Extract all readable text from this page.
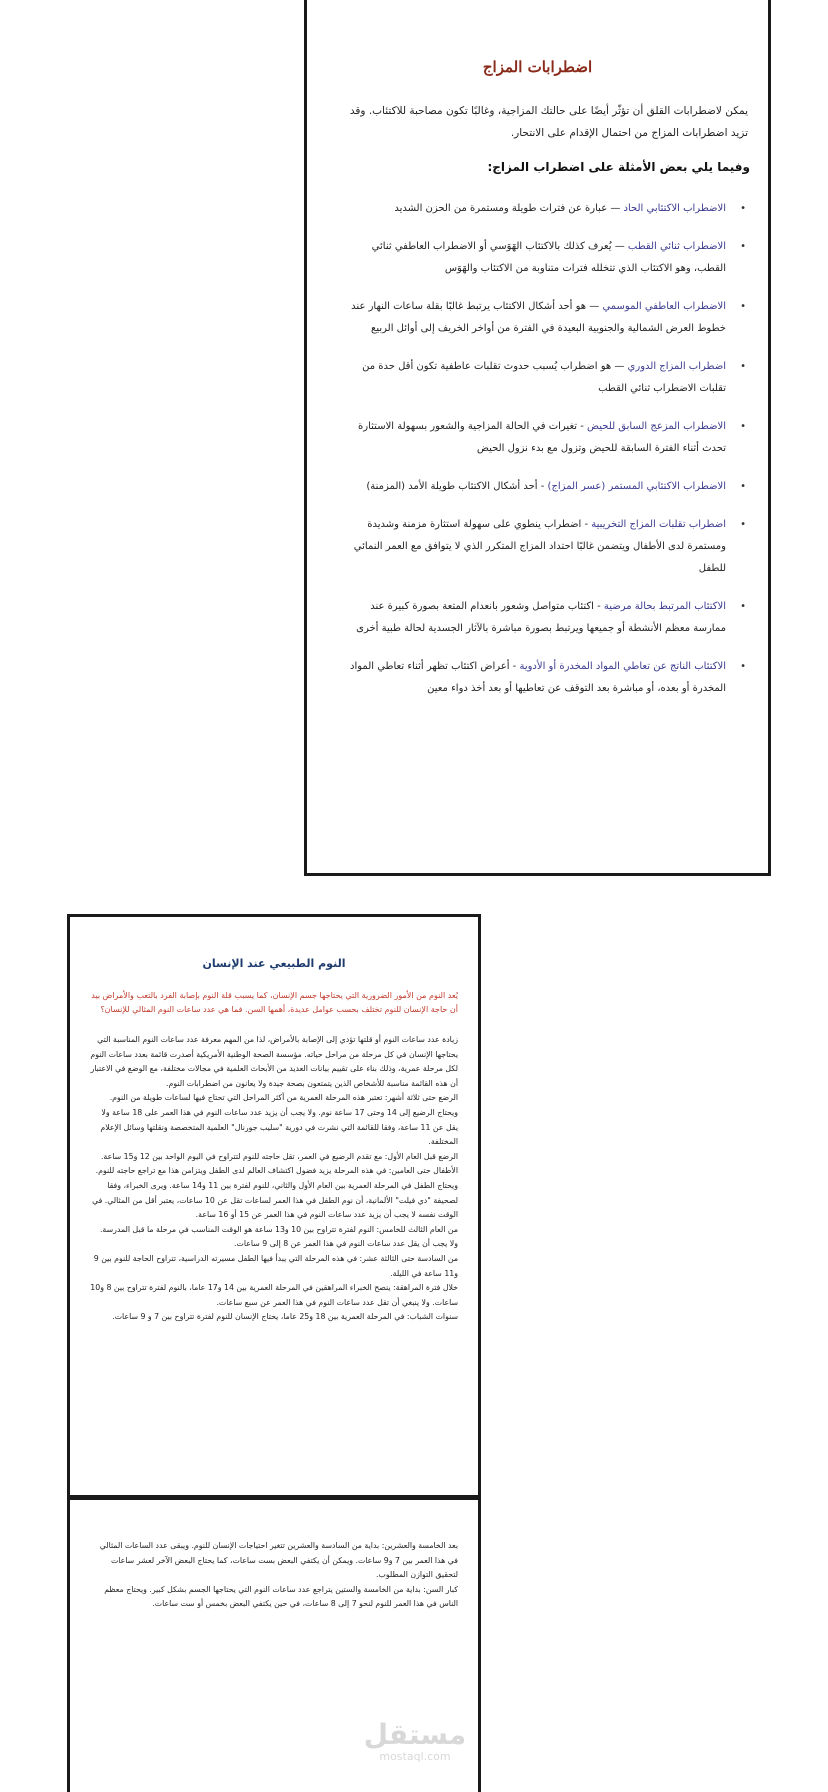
اضطرابات المزاج

يمكن لاضطرابات القلق أن تؤثّر أيضًا على حالتك المزاجية، وغالبًا تكون مصاحبة للاكتئاب. وقد تزيد اضطرابات المزاج من احتمال الإقدام على الانتحار.

وفيما يلي بعض الأمثلة على اضطراب المزاج:

• الاضطراب الاكتئابي الحاد — عبارة عن فترات طويلة ومستمرة من الحزن الشديد
• الاضطراب ثنائي القطب — يُعرف كذلك بالاكتئاب الهَوَسي أو الاضطراب العاطفي ثنائي القطب، وهو الاكتئاب الذي تتخلله فترات متناوبة من الاكتئاب والهَوَس
• الاضطراب العاطفي الموسمي — هو أحد أشكال الاكتئاب يرتبط غالبًا بقلة ساعات النهار عند خطوط العرض الشمالية والجنوبية البعيدة في الفترة من أواخر الخريف إلى أوائل الربيع
• اضطراب المزاج الدوري — هو اضطراب يُسبب حدوث تقلبات عاطفية تكون أقل حدة من تقلبات الاضطراب ثنائي القطب
• الاضطراب المزعج السابق للحيض - تغيرات في الحالة المزاجية والشعور بسهولة الاستثارة تحدث أثناء الفترة السابقة للحيض وتزول مع بدء نزول الحيض
• الاضطراب الاكتئابي المستمر (عسر المزاج) - أحد أشكال الاكتئاب طويلة الأمد (المزمنة)
• اضطراب تقلبات المزاج التخريبية - اضطراب ينطوي على سهولة استثارة مزمنة وشديدة ومستمرة لدى الأطفال ويتضمن غالبًا احتداد المزاج المتكرر الذي لا يتوافق مع العمر النمائي للطفل
• الاكتئاب المرتبط بحالة مرضية - اكتئاب متواصل وشعور بانعدام المتعة بصورة كبيرة عند ممارسة معظم الأنشطة أو جميعها ويرتبط بصورة مباشرة بالآثار الجسدية لحالة طبية أخرى
• الاكتئاب الناتج عن تعاطي المواد المخدرة أو الأدوية - أعراض اكتئاب تظهر أثناء تعاطي المواد المخدرة أو بعده، أو مباشرة بعد التوقف عن تعاطيها أو بعد أخذ دواء معين
النوم الطبيعي عند الإنسان

يُعد النوم من الأمور الضرورية التي يحتاجها جسم الإنسان، كما يسبب قلة النوم بإصابة الفرد بالتعب والأمراض بيد أن حاجة الإنسان للنوم تختلف بحسب عوامل عديدة، أهمها السن. فما هي عدد ساعات النوم المثالي للإنسان؟

زيادة عدد ساعات النوم أو قلتها تؤدي إلى الإصابة بالأمراض، لذا من المهم معرفة عدد ساعات النوم المناسبة التي يحتاجها الإنسان في كل مرحلة من مراحل حياته. مؤسسة الصحة الوطنية الأمريكية أصدرت قائمة بعدد ساعات النوم لكل مرحلة عمرية، وذلك بناء على تقييم بيانات العديد من الأبحاث العلمية في مجالات مختلفة، مع الوضع في الاعتبار أن هذه القائمة مناسبة للأشخاص الذين يتمتعون بصحة جيدة ولا يعانون من اضطرابات النوم.

الرضع حتى ثلاثة أشهر: تعتبر هذه المرحلة العمرية من أكثر المراحل التي تحتاج فيها لساعات طويلة من النوم. ويحتاج الرضيع إلى 14 وحتى 17 ساعة نوم. ولا يجب أن يزيد عدد ساعات النوم في هذا العمر على 18 ساعة ولا يقل عن 11 ساعة، وفقا للقائمة التي نشرت في دورية "سليب جورنال" العلمية المتخصصة ونقلتها وسائل الإعلام المختلفة.

الرضع قبل العام الأول: مع تقدم الرضيع في العمر، تقل حاجته للنوم لتتراوح في اليوم الواحد بين 12 و15 ساعة.

الأطفال حتى العامين: في هذه المرحلة يزيد فضول اكتشاف العالم لدى الطفل ويتزامن هذا مع تراجع حاجته للنوم. ويحتاج الطفل في المرحلة العمرية بين العام الأول والثاني، للنوم لفترة بين 11 و14 ساعة. ويرى الخبراء، وفقا لصحيفة "دي فيلت" الألمانية، أن نوم الطفل في هذا العمر لساعات تقل عن 10 ساعات، يعتبر أقل من المثالي. في الوقت نفسه لا يجب أن يزيد عدد ساعات النوم في هذا العمر عن 15 أو 16 ساعة.

من العام الثالث للخامس: النوم لفترة تتراوح بين 10 و13 ساعة هو الوقت المناسب في مرحلة ما قبل المدرسة. ولا يجب أن يقل عدد ساعات النوم في هذا العمر عن 8 إلى 9 ساعات.

من السادسة حتى الثالثة عشر: في هذه المرحلة التي يبدأ فيها الطفل مسيرته الدراسية، تتراوح الحاجة للنوم بين 9 و11 ساعة في الليلة.

خلال فترة المراهقة: ينصح الخبراء المراهقين في المرحلة العمرية بين 14 و17 عاما، بالنوم لفترة تتراوح بين 8 و10 ساعات. ولا ينبغي أن تقل عدد ساعات النوم في هذا العمر عن سبع ساعات.

سنوات الشباب: في المرحلة العمرية بين 18 و25 عاما، يحتاج الإنسان للنوم لفترة تتراوح بين 7 و 9 ساعات.

بعد الخامسة والعشرين: بداية من السادسة والعشرين تتغير احتياجات الإنسان للنوم. ويبقى عدد الساعات المثالي في هذا العمر بين 7 و9 ساعات. ويمكن أن يكتفي البعض بست ساعات، كما يحتاج البعض الآخر لعشر ساعات لتحقيق التوازن المطلوب.

كبار السن: بداية من الخامسة والستين يتراجع عدد ساعات النوم التي يحتاجها الجسم بشكل كبير. ويحتاج معظم الناس في هذا العمر للنوم لنحو 7 إلى 8 ساعات، في حين يكتفي البعض بخمس أو ست ساعات.

مستقل
mostaql.com
